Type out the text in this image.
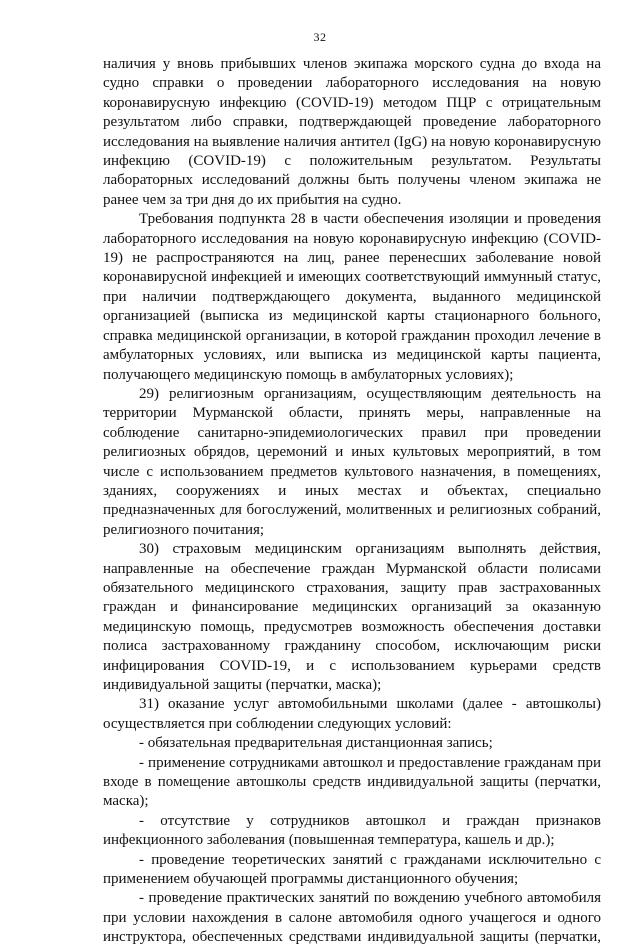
32

наличия у вновь прибывших членов экипажа морского судна до входа на судно справки о проведении лабораторного исследования на новую коронавирусную инфекцию (COVID-19) методом ПЦР с отрицательным результатом либо справки, подтверждающей проведение лабораторного исследования на выявление наличия антител (IgG) на новую коронавирусную инфекцию (COVID-19) с положительным результатом. Результаты лабораторных исследований должны быть получены членом экипажа не ранее чем за три дня до их прибытия на судно.

Требования подпункта 28 в части обеспечения изоляции и проведения лабораторного исследования на новую коронавирусную инфекцию (COVID-19) не распространяются на лиц, ранее перенесших заболевание новой коронавирусной инфекцией и имеющих соответствующий иммунный статус, при наличии подтверждающего документа, выданного медицинской организацией (выписка из медицинской карты стационарного больного, справка медицинской организации, в которой гражданин проходил лечение в амбулаторных условиях, или выписка из медицинской карты пациента, получающего медицинскую помощь в амбулаторных условиях);

29) религиозным организациям, осуществляющим деятельность на территории Мурманской области, принять меры, направленные на соблюдение санитарно-эпидемиологических правил при проведении религиозных обрядов, церемоний и иных культовых мероприятий, в том числе с использованием предметов культового назначения, в помещениях, зданиях, сооружениях и иных местах и объектах, специально предназначенных для богослужений, молитвенных и религиозных собраний, религиозного почитания;

30) страховым медицинским организациям выполнять действия, направленные на обеспечение граждан Мурманской области полисами обязательного медицинского страхования, защиту прав застрахованных граждан и финансирование медицинских организаций за оказанную медицинскую помощь, предусмотрев возможность обеспечения доставки полиса застрахованному гражданину способом, исключающим риски инфицирования COVID-19, и с использованием курьерами средств индивидуальной защиты (перчатки, маска);

31) оказание услуг автомобильными школами (далее - автошколы) осуществляется при соблюдении следующих условий:

- обязательная предварительная дистанционная запись;

- применение сотрудниками автошкол и предоставление гражданам при входе в помещение автошколы средств индивидуальной защиты (перчатки, маска);

- отсутствие у сотрудников автошкол и граждан признаков инфекционного заболевания (повышенная температура, кашель и др.);

- проведение теоретических занятий с гражданами исключительно с применением обучающей программы дистанционного обучения;

- проведение практических занятий по вождению учебного автомобиля при условии нахождения в салоне автомобиля одного учащегося и одного инструктора, обеспеченных средствами индивидуальной защиты (перчатки,
